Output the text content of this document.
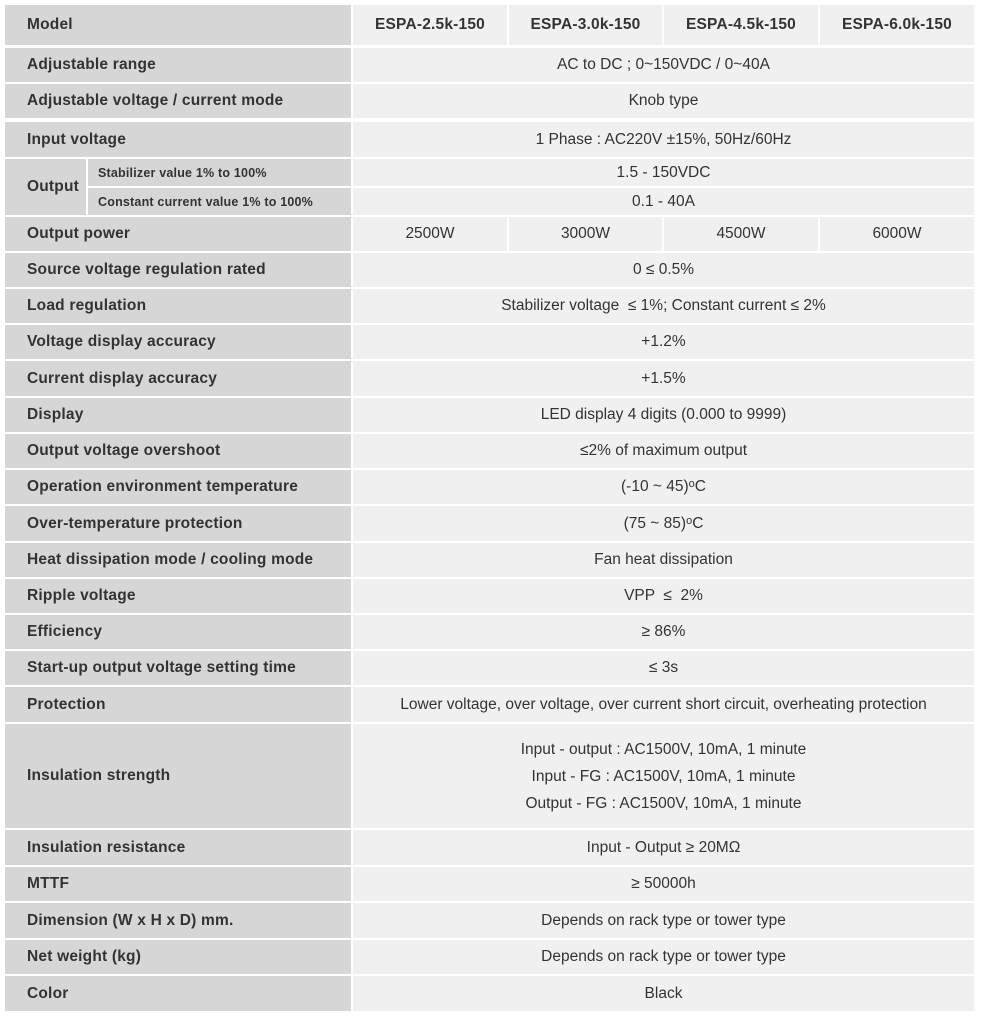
Model	ESPA-2.5k-150	ESPA-3.0k-150	ESPA-4.5k-150	ESPA-6.0k-150
Adjustable range	AC to DC ; 0~150VDC / 0~40A
Adjustable voltage / current mode	Knob type
Input voltage	1 Phase : AC220V ±15%, 50Hz/60Hz
Output
Stabilizer value 1% to 100%	1.5 - 150VDC
Constant current value 1% to 100%	0.1 - 40A
Output power	2500W	3000W	4500W	6000W
Source voltage regulation rated	0 ≤ 0.5%
Load regulation	Stabilizer voltage  ≤ 1%; Constant current ≤ 2%
Voltage display accuracy	+1.2%
Current display accuracy	+1.5%
Display	LED display 4 digits (0.000 to 9999)
Output voltage overshoot	≤2% of maximum output
Operation environment temperature	(-10 ~ 45)$^o$ C
Over-temperature protection	(75 ~ 85)$^o$ C
Heat dissipation mode / cooling mode	Fan heat dissipation
Ripple voltage	VPP  ≤  2%
Efficiency	≥ 86%
Start-up output voltage setting time	≤ 3s
Protection	Lower voltage, over voltage, over current short circuit, overheating protection
Insulation strength
Input - output : AC1500V, 10mA, 1 minute
Input - FG : AC1500V, 10mA, 1 minute
Output - FG : AC1500V, 10mA, 1 minute
Insulation resistance	Input - Output ≥ 20MΩ
MTTF	≥ 50000h
Dimension (W x H x D) mm.	Depends on rack type or tower type
Net weight (kg)	Depends on rack type or tower type
Color	Black
